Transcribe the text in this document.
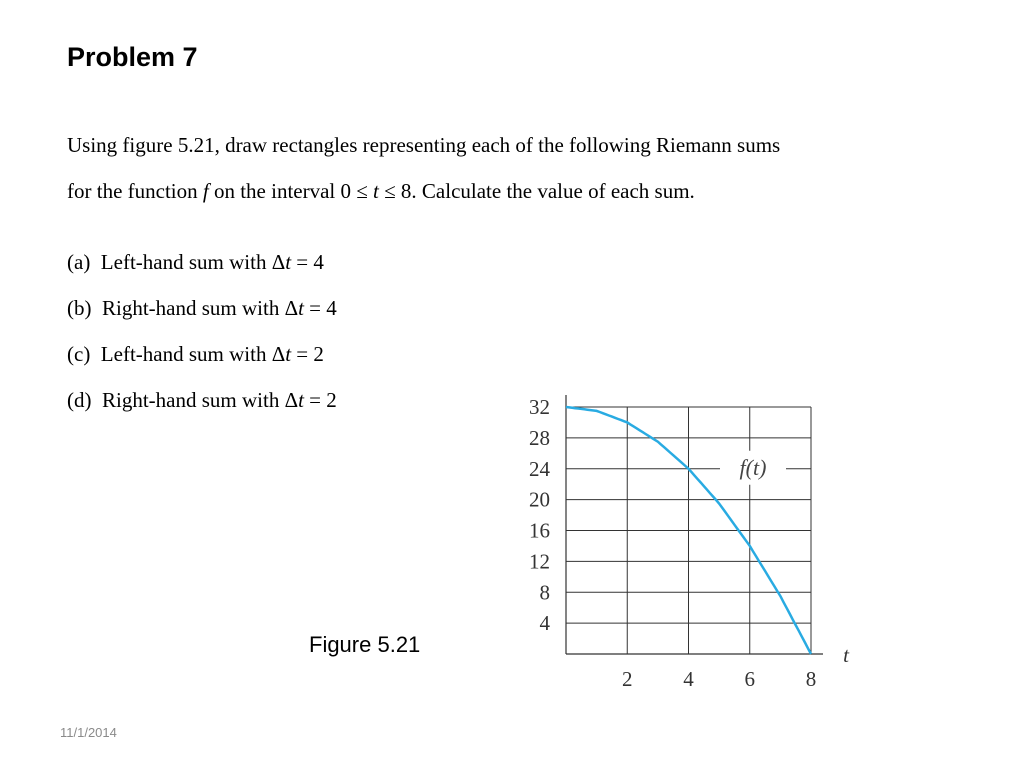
Problem 7

Using figure 5.21, draw rectangles representing each of the following Riemann sums
for the function f on the interval 0 ≤ t ≤ 8. Calculate the value of each sum.

(a)  Left-hand sum with Δt = 4
(b)  Right-hand sum with Δt = 4
(c)  Left-hand sum with Δt = 2
(d)  Right-hand sum with Δt = 2
4
8
12
16
20
24
28
32
2 4 6 8
t
f(t)
Figure 5.21
11/1/2014
